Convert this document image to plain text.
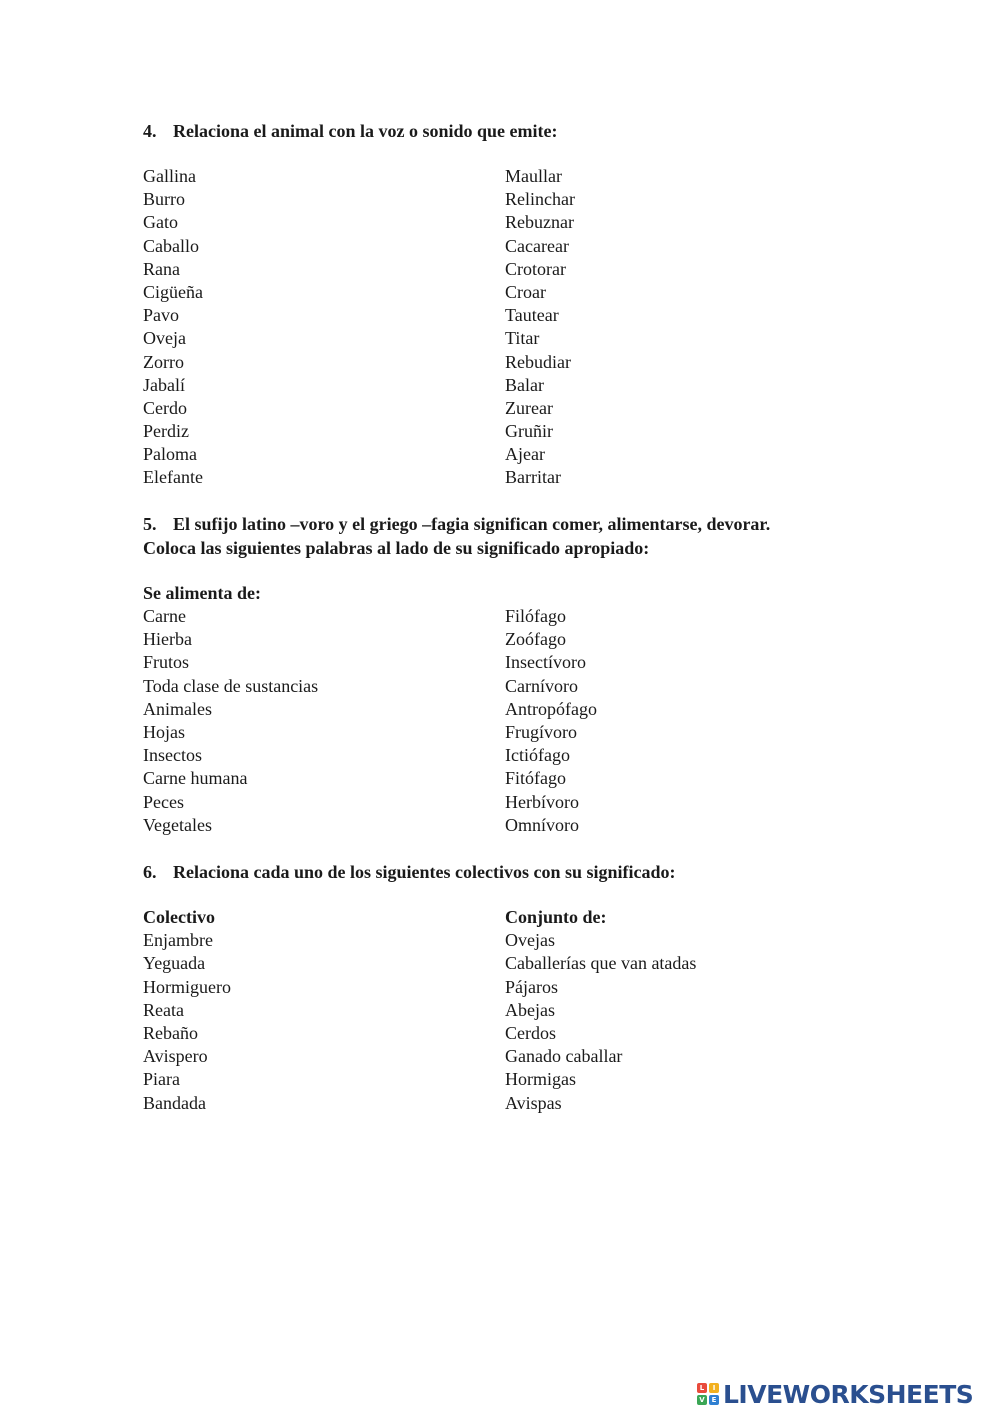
4. Relaciona el animal con la voz o sonido que emite:
Gallina
Burro
Gato
Caballo
Rana
Cigüeña
Pavo
Oveja
Zorro
Jabalí
Cerdo
Perdiz
Paloma
Elefante
Maullar
Relinchar
Rebuznar
Cacarear
Crotorar
Croar
Tautear
Titar
Rebudiar
Balar
Zurear
Gruñir
Ajear
Barritar
5. El sufijo latino –voro y el griego –fagia significan comer, alimentarse, devorar.
Coloca las siguientes palabras al lado de su significado apropiado:
Se alimenta de:
Carne
Hierba
Frutos
Toda clase de sustancias
Animales
Hojas
Insectos
Carne humana
Peces
Vegetales
Filófago
Zoófago
Insectívoro
Carnívoro
Antropófago
Frugívoro
Ictiófago
Fitófago
Herbívoro
Omnívoro
6. Relaciona cada uno de los siguientes colectivos con su significado:
Colectivo
Enjambre
Yeguada
Hormiguero
Reata
Rebaño
Avispero
Piara
Bandada
Conjunto de:
Ovejas
Caballerías que van atadas
Pájaros
Abejas
Cerdos
Ganado caballar
Hormigas
Avispas
L	I
V E LIVEWORKSHEETS
